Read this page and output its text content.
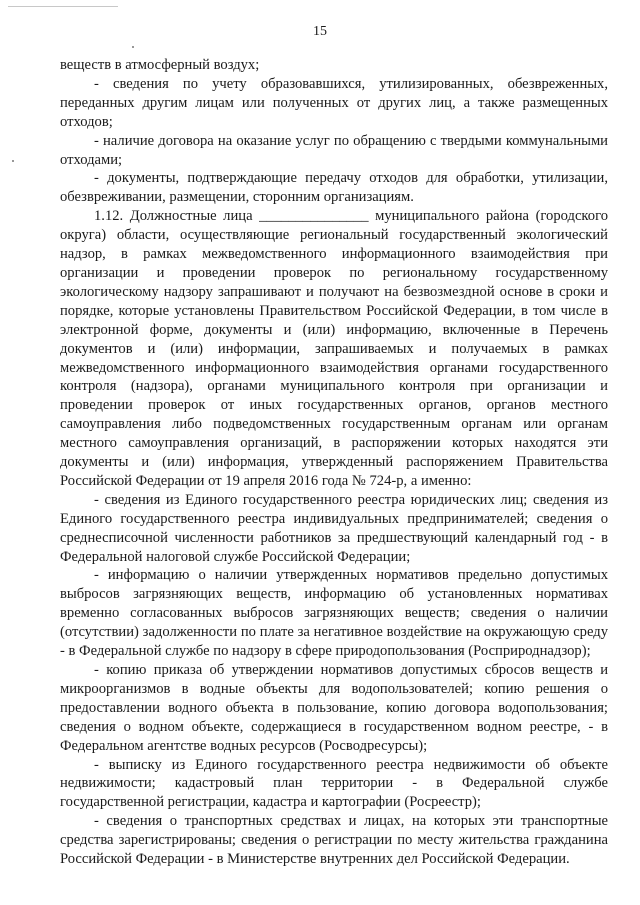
15

веществ в атмосферный воздух;

- сведения по учету образовавшихся, утилизированных, обезвреженных, переданных другим лицам или полученных от других лиц, а также размещенных отходов;

- наличие договора на оказание услуг по обращению с твердыми коммунальными отходами;

- документы, подтверждающие передачу отходов для обработки, утилизации, обезвреживании, размещении, сторонним организациям.

1.12. Должностные лица _______________ муниципального района (городского округа) области, осуществляющие региональный государственный экологический надзор, в рамках межведомственного информационного взаимодействия при организации и проведении проверок по региональному государственному экологическому надзору запрашивают и получают на безвозмездной основе в сроки и порядке, которые установлены Правительством Российской Федерации, в том числе в электронной форме, документы и (или) информацию, включенные в Перечень документов и (или) информации, запрашиваемых и получаемых в рамках межведомственного информационного взаимодействия органами государственного контроля (надзора), органами муниципального контроля при организации и проведении проверок от иных государственных органов, органов местного самоуправления либо подведомственных государственным органам или органам местного самоуправления организаций, в распоряжении которых находятся эти документы и (или) информация, утвержденный распоряжением Правительства Российской Федерации от 19 апреля 2016 года № 724-р, а именно:

- сведения из Единого государственного реестра юридических лиц; сведения из Единого государственного реестра индивидуальных предпринимателей; сведения о среднесписочной численности работников за предшествующий календарный год - в Федеральной налоговой службе Российской Федерации;

- информацию о наличии утвержденных нормативов предельно допустимых выбросов загрязняющих веществ, информацию об установленных нормативах временно согласованных выбросов загрязняющих веществ; сведения о наличии (отсутствии) задолженности по плате за негативное воздействие на окружающую среду - в Федеральной службе по надзору в сфере природопользования (Росприроднадзор);

- копию приказа об утверждении нормативов допустимых сбросов веществ и микроорганизмов в водные объекты для водопользователей; копию решения о предоставлении водного объекта в пользование, копию договора водопользования; сведения о водном объекте, содержащиеся в государственном водном реестре, - в Федеральном агентстве водных ресурсов (Росводресурсы);

- выписку из Единого государственного реестра недвижимости об объекте недвижимости; кадастровый план территории - в Федеральной службе государственной регистрации, кадастра и картографии (Росреестр);

- сведения о транспортных средствах и лицах, на которых эти транспортные средства зарегистрированы; сведения о регистрации по месту жительства гражданина Российской Федерации - в Министерстве внутренних дел Российской Федерации.
